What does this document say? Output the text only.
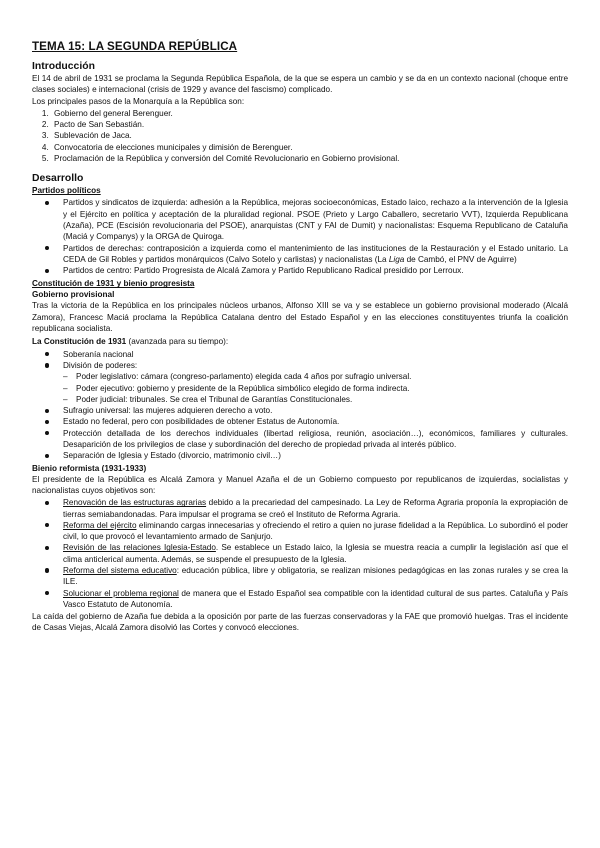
TEMA 15: LA SEGUNDA REPÚBLICA
Introducción

El 14 de abril de 1931 se proclama la Segunda República Española, de la que se espera un cambio y se da en un contexto nacional (choque entre clases sociales) e internacional (crisis de 1929 y avance del fascismo) complicado.

Los principales pasos de la Monarquía a la República son:

1. Gobierno del general Berenguer.
2. Pacto de San Sebastián.
3. Sublevación de Jaca.
4. Convocatoria de elecciones municipales y dimisión de Berenguer.
5. Proclamación de la República y conversión del Comité Revolucionario en Gobierno provisional.
Desarrollo
Partidos políticos
Partidos y sindicatos de izquierda: adhesión a la República, mejoras socioeconómicas, Estado laico, rechazo a la intervención de la Iglesia y el Ejército en política y aceptación de la pluralidad regional. PSOE (Prieto y Largo Caballero, secretario VVT), Izquierda Republicana (Azaña), PCE (Escisión revolucionaria del PSOE), anarquistas (CNT y FAI de Dumit) y nacionalistas: Esquema Republicano de Cataluña (Maciá y Companys) y la ORGA de Quiroga.
Partidos de derechas: contraposición a izquierda como el mantenimiento de las instituciones de la Restauración y el Estado unitario. La CEDA de Gil Robles y partidos monárquicos (Calvo Sotelo y carlistas) y nacionalistas (La Liga de Cambó, el PNV de Aguirre)
Partidos de centro: Partido Progresista de Alcalá Zamora y Partido Republicano Radical presidido por Lerroux.
Constitución de 1931 y bienio progresista
Gobierno provisional

Tras la victoria de la República en los principales núcleos urbanos, Alfonso XIII se va y se establece un gobierno provisional moderado (Alcalá Zamora), Francesc Maciá proclama la República Catalana dentro del Estado Español y en las elecciones constituyentes triunfa la coalición republicana socialista.

La Constitución de 1931 (avanzada para su tiempo):

Soberanía nacional
División de poderes:
– Poder legislativo: cámara (congreso-parlamento) elegida cada 4 años por sufragio universal.
– Poder ejecutivo: gobierno y presidente de la República simbólico elegido de forma indirecta.
– Poder judicial: tribunales. Se crea el Tribunal de Garantías Constitucionales.
Sufragio universal: las mujeres adquieren derecho a voto.
Estado no federal, pero con posibilidades de obtener Estatus de Autonomía.
Protección detallada de los derechos individuales (libertad religiosa, reunión, asociación…), económicos, familiares y culturales. Desaparición de los privilegios de clase y subordinación del derecho de propiedad privada al interés público.
Separación de Iglesia y Estado (divorcio, matrimonio civil…)
Bienio reformista (1931-1933)

El presidente de la República es Alcalá Zamora y Manuel Azaña el de un Gobierno compuesto por republicanos de izquierdas, socialistas y nacionalistas cuyos objetivos son:

Renovación de las estructuras agrarias debido a la precariedad del campesinado. La Ley de Reforma Agraria proponía la expropiación de tierras semiabandonadas. Para impulsar el programa se creó el Instituto de Reforma Agraria.
Reforma del ejército eliminando cargas innecesarias y ofreciendo el retiro a quien no jurase fidelidad a la República. Lo subordinó el poder civil, lo que provocó el levantamiento armado de Sanjurjo.
Revisión de las relaciones Iglesia-Estado. Se establece un Estado laico, la Iglesia se muestra reacia a cumplir la legislación así que el clima anticlerical aumenta. Además, se suspende el presupuesto de la Iglesia.
Reforma del sistema educativo: educación pública, libre y obligatoria, se realizan misiones pedagógicas en las zonas rurales y se crea la ILE.
Solucionar el problema regional de manera que el Estado Español sea compatible con la identidad cultural de sus partes. Cataluña y País Vasco Estatuto de Autonomía.

La caída del gobierno de Azaña fue debida a la oposición por parte de las fuerzas conservadoras y la FAE que promovió huelgas. Tras el incidente de Casas Viejas, Alcalá Zamora disolvió las Cortes y convocó elecciones.
